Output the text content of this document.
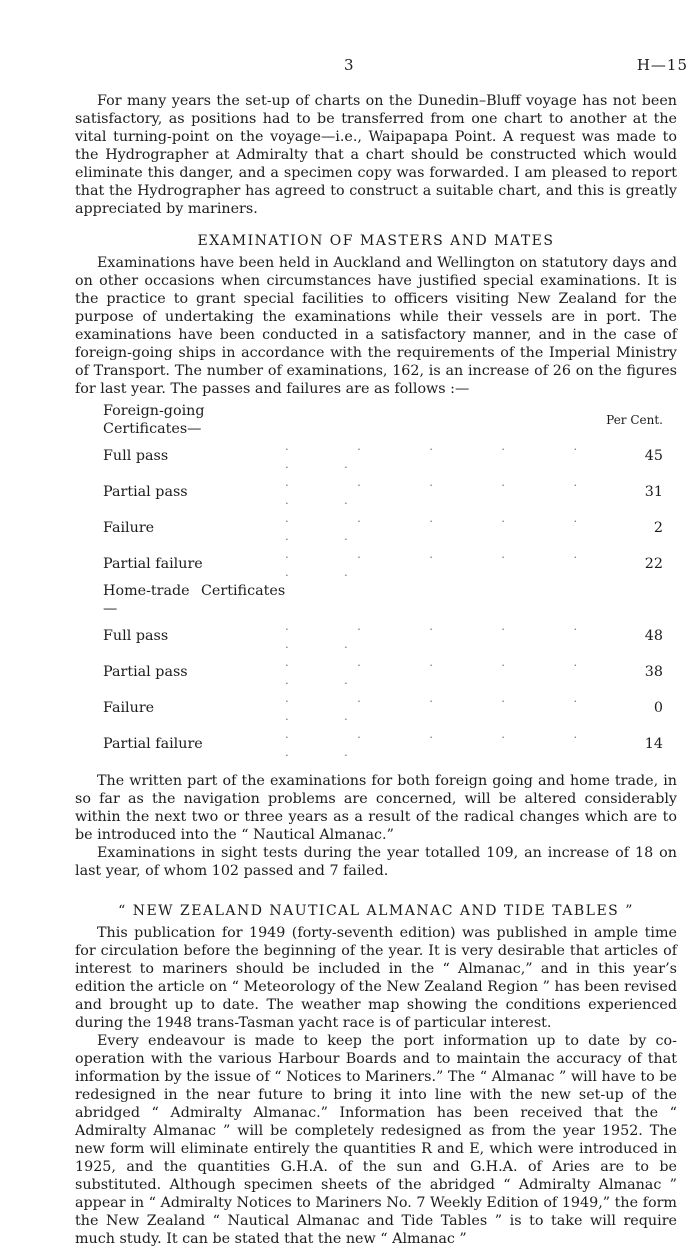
3	H—15

For many years the set-up of charts on the Dunedin–Bluff voyage has not been satisfactory, as positions had to be transferred from one chart to another at the vital turning-point on the voyage—i.e., Waipapapa Point. A request was made to the Hydrographer at Admiralty that a chart should be constructed which would eliminate this danger, and a specimen copy was forwarded. I am pleased to report that the Hydrographer has agreed to construct a suitable chart, and this is greatly appreciated by mariners.

EXAMINATION OF MASTERS AND MATES

Examinations have been held in Auckland and Wellington on statutory days and on other occasions when circumstances have justified special examinations. It is the practice to grant special facilities to officers visiting New Zealand for the purpose of undertaking the examinations while their vessels are in port. The examinations have been conducted in a satisfactory manner, and in the case of foreign-going ships in accordance with the requirements of the Imperial Ministry of Transport. The number of examinations, 162, is an increase of 26 on the figures for last year. The passes and failures are as follows :—

Foreign-going Certificates—		Per Cent.
Full pass	. . . . . . .	45
Partial pass	. . . . . . .	31
Failure	. . . . . . .	2
Partial failure	. . . . . . .	22
Home-trade Certificates—		
Full pass	. . . . . . .	48
Partial pass	. . . . . . .	38
Failure	. . . . . . .	0
Partial failure	. . . . . . .	14

The written part of the examinations for both foreign going and home trade, in so far as the navigation problems are concerned, will be altered considerably within the next two or three years as a result of the radical changes which are to be introduced into the “ Nautical Almanac.”

Examinations in sight tests during the year totalled 109, an increase of 18 on last year, of whom 102 passed and 7 failed.

“ NEW ZEALAND NAUTICAL ALMANAC AND TIDE TABLES ”

This publication for 1949 (forty-seventh edition) was published in ample time for circulation before the beginning of the year. It is very desirable that articles of interest to mariners should be included in the “ Almanac,” and in this year’s edition the article on “ Meteorology of the New Zealand Region ” has been revised and brought up to date. The weather map showing the conditions experienced during the 1948 trans-Tasman yacht race is of particular interest.

Every endeavour is made to keep the port information up to date by co-operation with the various Harbour Boards and to maintain the accuracy of that information by the issue of “ Notices to Mariners.” The “ Almanac ” will have to be redesigned in the near future to bring it into line with the new set-up of the abridged “ Admiralty Almanac.” Information has been received that the “ Admiralty Almanac ” will be completely redesigned as from the year 1952. The new form will eliminate entirely the quantities R and E, which were introduced in 1925, and the quantities G.H.A. of the sun and G.H.A. of Aries are to be substituted. Although specimen sheets of the abridged “ Admiralty Almanac ” appear in “ Admiralty Notices to Mariners No. 7 Weekly Edition of 1949,” the form the New Zealand “ Nautical Almanac and Tide Tables ” is to take will require much study. It can be stated that the new “ Almanac ”
